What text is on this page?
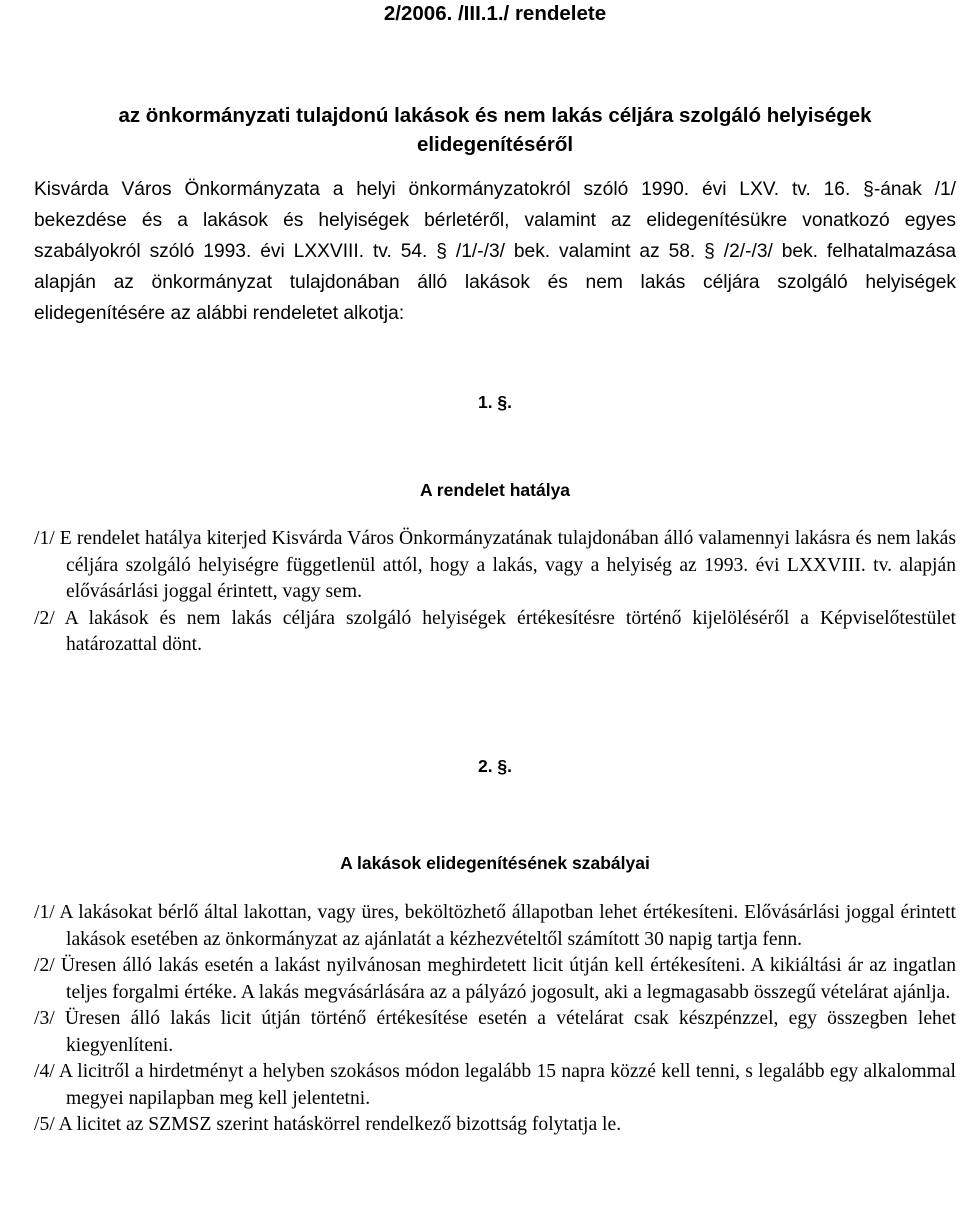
2/2006. /III.1./ rendelete
az önkormányzati tulajdonú lakások és nem lakás céljára szolgáló helyiségek
elidegenítéséről

Kisvárda Város Önkormányzata a helyi önkormányzatokról szóló 1990. évi LXV. tv. 16. §-ának /1/ bekezdése és a lakások és helyiségek bérletéről, valamint az elidegenítésükre vonatkozó egyes szabályokról szóló 1993. évi LXXVIII. tv. 54. § /1/-/3/ bek. valamint az 58. § /2/-/3/ bek. felhatalmazása alapján az önkormányzat tulajdonában álló lakások és nem lakás céljára szolgáló helyiségek elidegenítésére az alábbi rendeletet alkotja:

1. §.
A rendelet hatálya

/1/ E rendelet hatálya kiterjed Kisvárda Város Önkormányzatának tulajdonában álló valamennyi lakásra és nem lakás céljára szolgáló helyiségre függetlenül attól, hogy a lakás, vagy a helyiség az 1993. évi LXXVIII. tv. alapján elővásárlási joggal érintett, vagy sem.

/2/ A lakások és nem lakás céljára szolgáló helyiségek értékesítésre történő kijelöléséről a Képviselőtestület határozattal dönt.

2. §.
A lakások elidegenítésének szabályai

/1/ A lakásokat bérlő által lakottan, vagy üres, beköltözhető állapotban lehet értékesíteni. Elővásárlási joggal érintett lakások esetében az önkormányzat az ajánlatát a kézhezvételtől számított 30 napig tartja fenn.

/2/ Üresen álló lakás esetén a lakást nyilvánosan meghirdetett licit útján kell értékesíteni. A kikiáltási ár az ingatlan teljes forgalmi értéke. A lakás megvásárlására az a pályázó jogosult, aki a legmagasabb összegű vételárat ajánlja.

/3/ Üresen álló lakás licit útján történő értékesítése esetén a vételárat csak készpénzzel, egy összegben lehet kiegyenlíteni.

/4/ A licitről a hirdetményt a helyben szokásos módon legalább 15 napra közzé kell tenni, s legalább egy alkalommal megyei napilapban meg kell jelentetni.

/5/ A licitet az SZMSZ szerint hatáskörrel rendelkező bizottság folytatja le.
